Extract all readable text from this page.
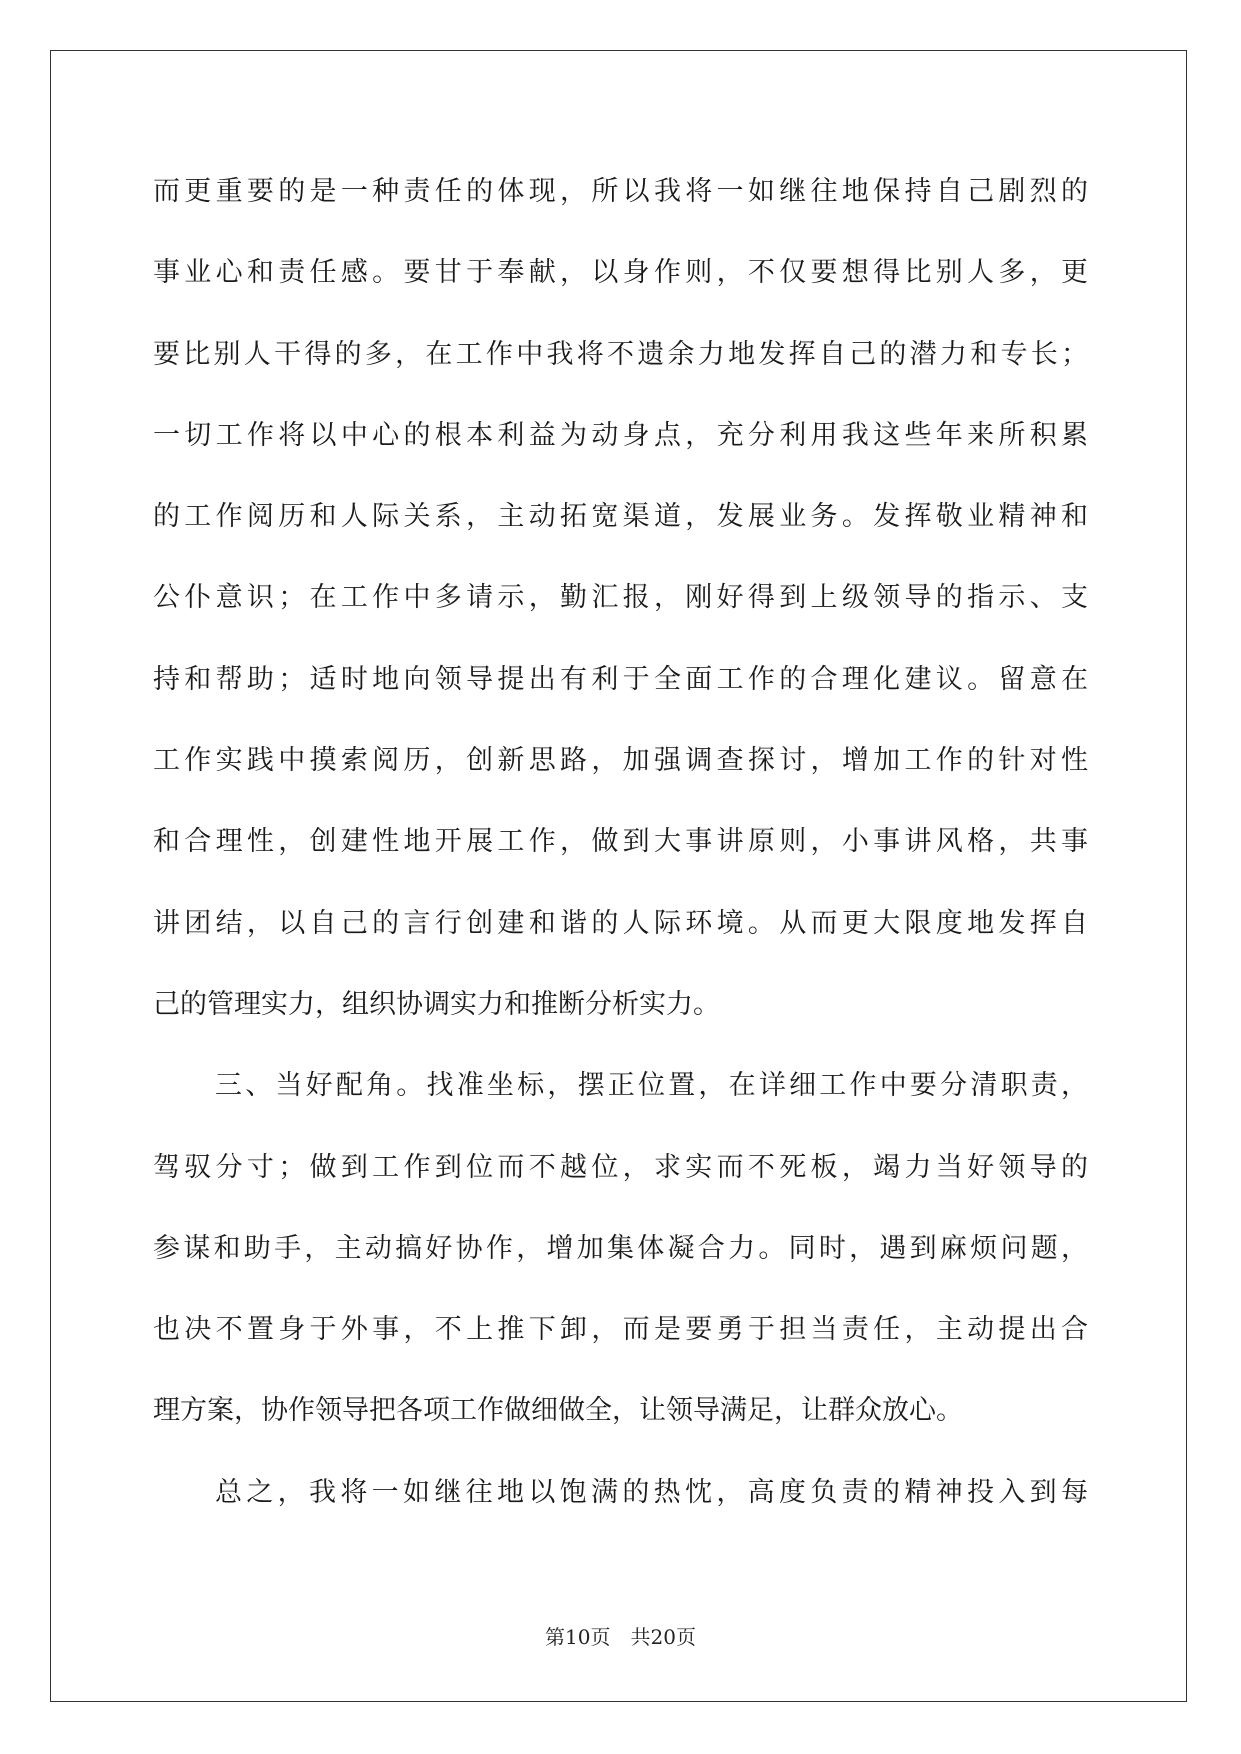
而更重要的是一种责任的体现，所以我将一如继往地保持自己剧烈的

事业心和责任感。要甘于奉献，以身作则，不仅要想得比别人多，更

要比别人干得的多，在工作中我将不遗余力地发挥自己的潜力和专长；

一切工作将以中心的根本利益为动身点，充分利用我这些年来所积累

的工作阅历和人际关系，主动拓宽渠道，发展业务。发挥敬业精神和

公仆意识；在工作中多请示，勤汇报，刚好得到上级领导的指示、支

持和帮助；适时地向领导提出有利于全面工作的合理化建议。留意在

工作实践中摸索阅历，创新思路，加强调查探讨，增加工作的针对性

和合理性，创建性地开展工作，做到大事讲原则，小事讲风格，共事

讲团结，以自己的言行创建和谐的人际环境。从而更大限度地发挥自

己的管理实力，组织协调实力和推断分析实力。

三、当好配角。找准坐标，摆正位置，在详细工作中要分清职责，

驾驭分寸；做到工作到位而不越位，求实而不死板，竭力当好领导的

参谋和助手，主动搞好协作，增加集体凝合力。同时，遇到麻烦问题，

也决不置身于外事，不上推下卸，而是要勇于担当责任，主动提出合

理方案，协作领导把各项工作做细做全，让领导满足，让群众放心。

总之，我将一如继往地以饱满的热忱，高度负责的精神投入到每

第10页　共20页
